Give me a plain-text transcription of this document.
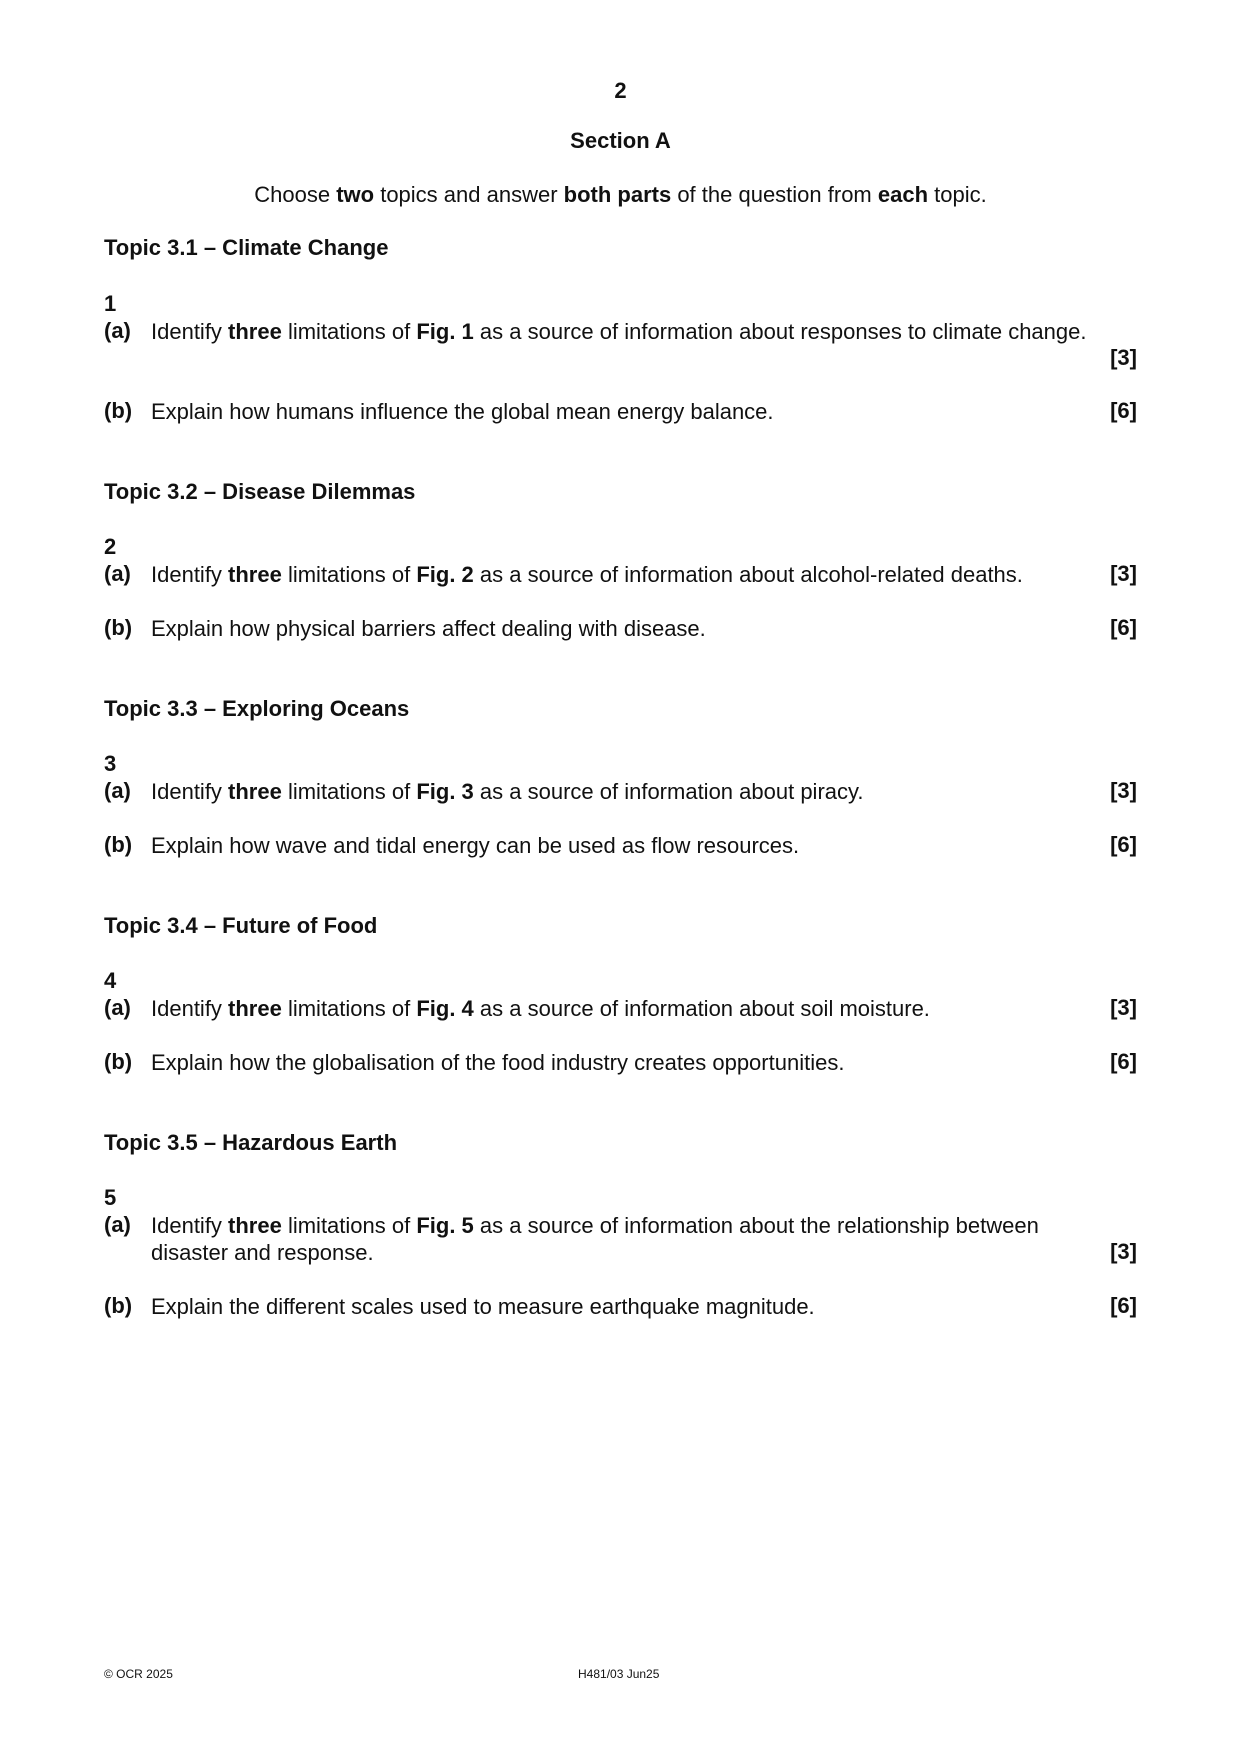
2
Section A
Choose two topics and answer both parts of the question from each topic.
Topic 3.1 – Climate Change
1
(a) Identify three limitations of Fig. 1 as a source of information about responses to climate change.
[3]
(b) Explain how humans influence the global mean energy balance.	[6]
Topic 3.2 – Disease Dilemmas
2
(a) Identify three limitations of Fig. 2 as a source of information about alcohol-related deaths.	[3]
(b) Explain how physical barriers affect dealing with disease.	[6]
Topic 3.3 – Exploring Oceans
3
(a) Identify three limitations of Fig. 3 as a source of information about piracy.	[3]
(b) Explain how wave and tidal energy can be used as flow resources.	[6]
Topic 3.4 – Future of Food
4
(a) Identify three limitations of Fig. 4 as a source of information about soil moisture.	[3]
(b) Explain how the globalisation of the food industry creates opportunities.	[6]
Topic 3.5 – Hazardous Earth
5
(a) Identify three limitations of Fig. 5 as a source of information about the relationship between
disaster and response.	[3]
(b) Explain the different scales used to measure earthquake magnitude.	[6]
© OCR 2025	H481/03 Jun25
